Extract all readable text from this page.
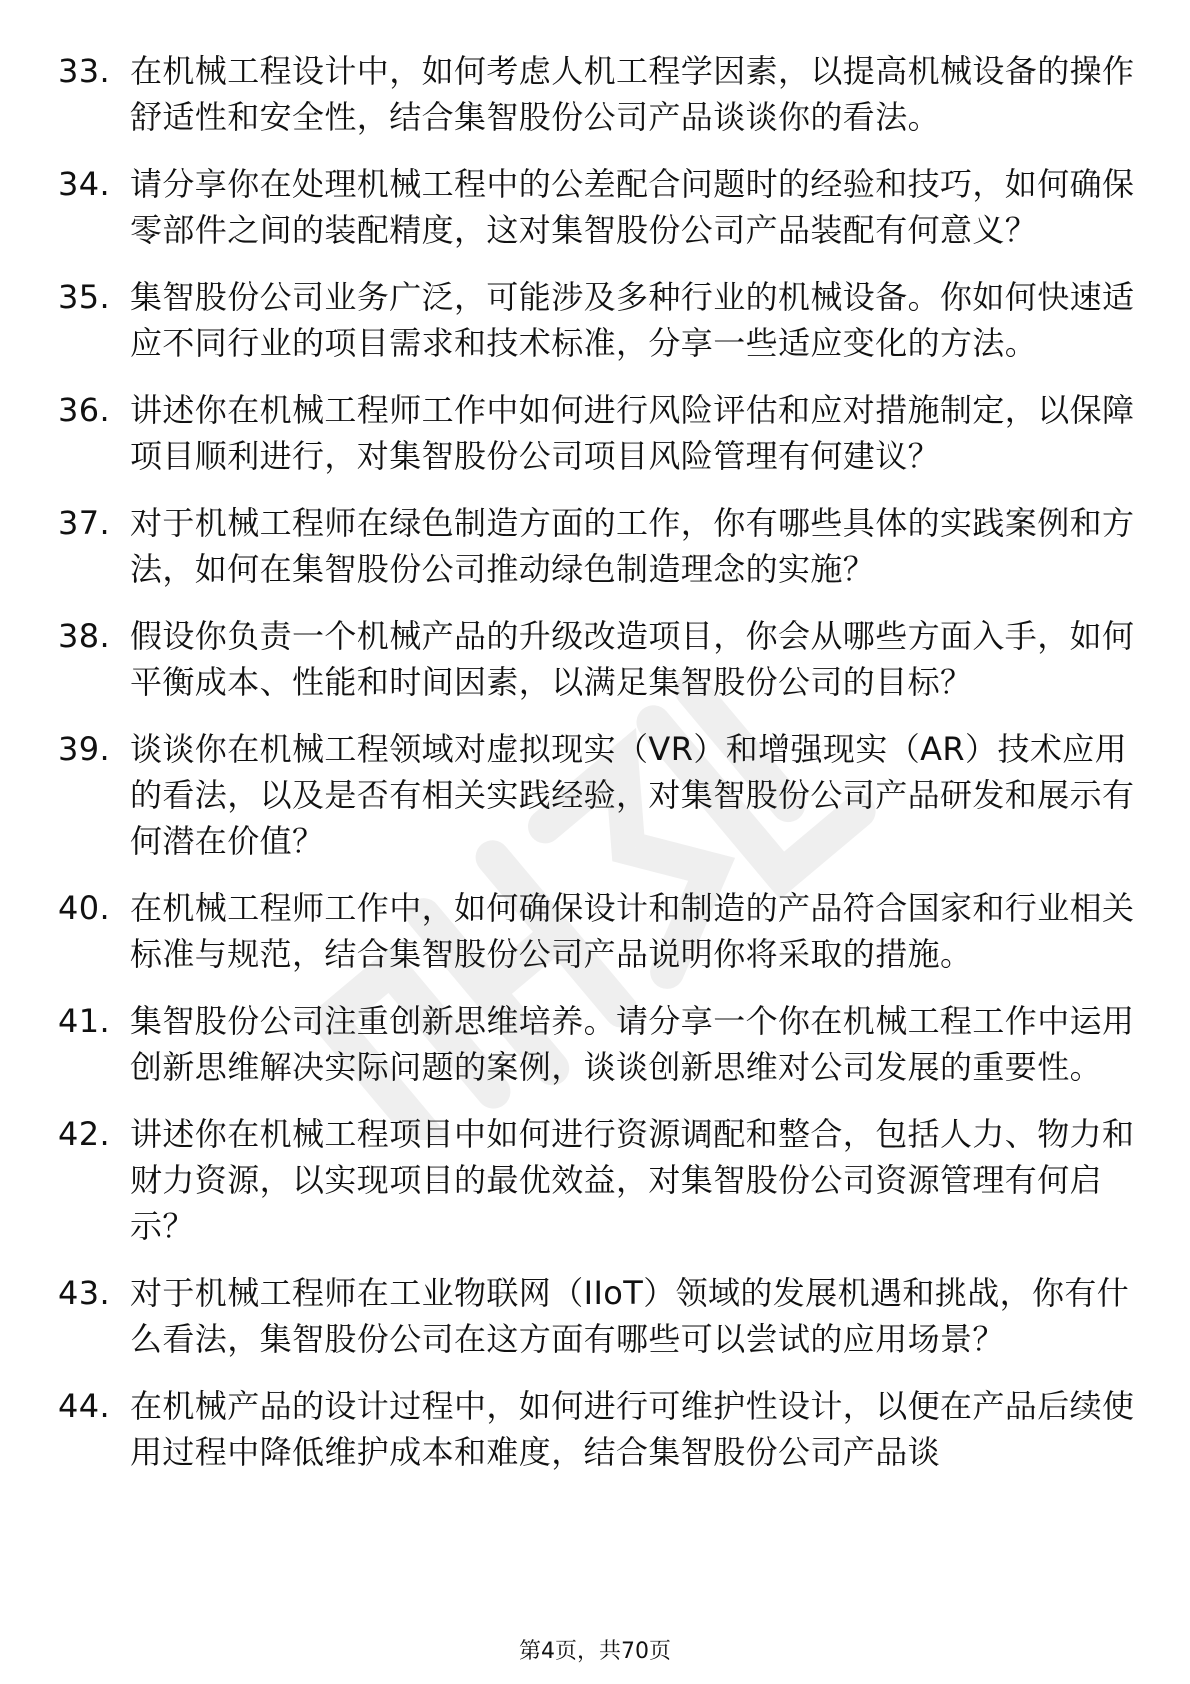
33. 在机械工程设计中，如何考虑人机工程学因素，以提高机械设备的操作舒适性和安全性，结合集智股份公司产品谈谈你的看法。
34. 请分享你在处理机械工程中的公差配合问题时的经验和技巧，如何确保零部件之间的装配精度，这对集智股份公司产品装配有何意义？
35. 集智股份公司业务广泛，可能涉及多种行业的机械设备。你如何快速适应不同行业的项目需求和技术标准，分享一些适应变化的方法。
36. 讲述你在机械工程师工作中如何进行风险评估和应对措施制定，以保障项目顺利进行，对集智股份公司项目风险管理有何建议？
37. 对于机械工程师在绿色制造方面的工作，你有哪些具体的实践案例和方法，如何在集智股份公司推动绿色制造理念的实施？
38. 假设你负责一个机械产品的升级改造项目，你会从哪些方面入手，如何平衡成本、性能和时间因素，以满足集智股份公司的目标？
39. 谈谈你在机械工程领域对虚拟现实（VR）和增强现实（AR）技术应用的看法，以及是否有相关实践经验，对集智股份公司产品研发和展示有何潜在价值？
40. 在机械工程师工作中，如何确保设计和制造的产品符合国家和行业相关标准与规范，结合集智股份公司产品说明你将采取的措施。
41. 集智股份公司注重创新思维培养。请分享一个你在机械工程工作中运用创新思维解决实际问题的案例，谈谈创新思维对公司发展的重要性。
42. 讲述你在机械工程项目中如何进行资源调配和整合，包括人力、物力和财力资源，以实现项目的最优效益，对集智股份公司资源管理有何启示？
43. 对于机械工程师在工业物联网（IIoT）领域的发展机遇和挑战，你有什么看法，集智股份公司在这方面有哪些可以尝试的应用场景？
44. 在机械产品的设计过程中，如何进行可维护性设计，以便在产品后续使用过程中降低维护成本和难度，结合集智股份公司产品谈
第4页，共70页
